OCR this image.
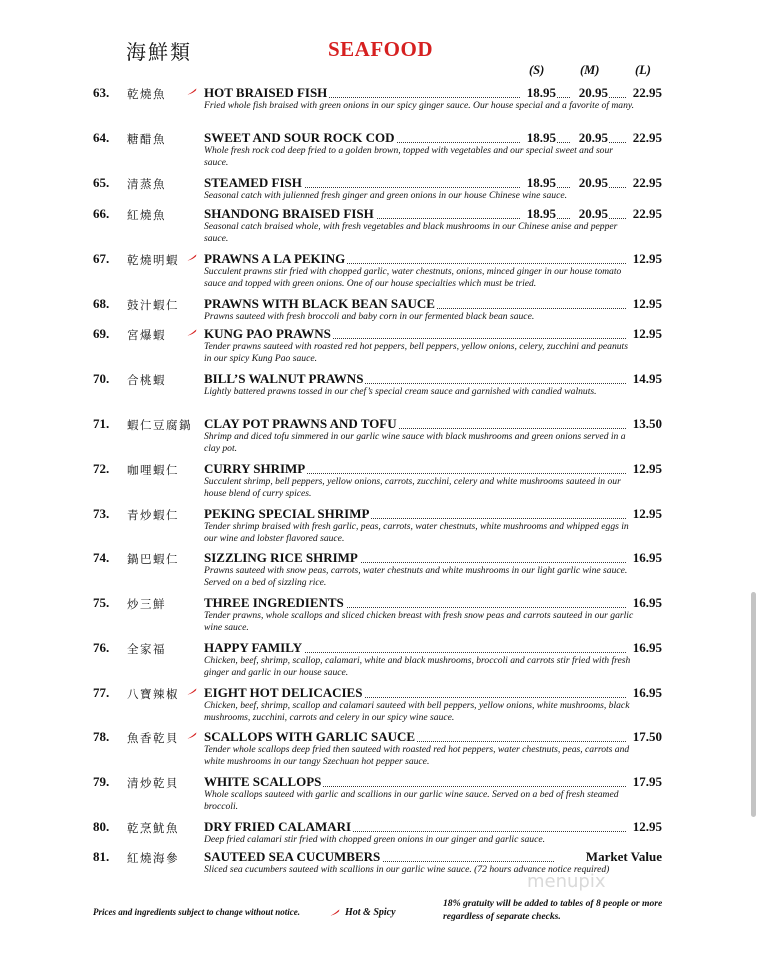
海鮮類	SEAFOOD
(S)	(M)	(L)
63. 乾燒魚	HOT BRAISED FISH	18.95	20.95	22.95
Fried whole fish braised with green onions in our spicy ginger sauce. Our house special and a favorite of many.
64. 糖醋魚	SWEET AND SOUR ROCK COD	18.95	20.95	22.95
Whole fresh rock cod deep fried to a golden brown, topped with vegetables and our special sweet and sour sauce.
65. 清蒸魚	STEAMED FISH	18.95	20.95	22.95
Seasonal catch with julienned fresh ginger and green onions in our house Chinese wine sauce.
66. 紅燒魚	SHANDONG BRAISED FISH	18.95	20.95	22.95
Seasonal catch braised whole, with fresh vegetables and black mushrooms in our Chinese anise and pepper sauce.
67. 乾燒明蝦 PRAWNS A LA PEKING	12.95
Succulent prawns stir fried with chopped garlic, water chestnuts, onions, minced ginger in our house tomato sauce and topped with green onions. One of our house specialties which must be tried.
68. 鼓汁蝦仁 PRAWNS WITH BLACK BEAN SAUCE	12.95
Prawns sauteed with fresh broccoli and baby corn in our fermented black bean sauce.
69. 宮爆蝦	KUNG PAO PRAWNS	12.95
Tender prawns sauteed with roasted red hot peppers, bell peppers, yellow onions, celery, zucchini and peanuts in our spicy Kung Pao sauce.
70. 合桃蝦	BILL’S WALNUT PRAWNS	14.95
Lightly battered prawns tossed in our chef’s special cream sauce and garnished with candied walnuts.
71. 蝦仁豆腐鍋 CLAY POT PRAWNS AND TOFU	13.50
Shrimp and diced tofu simmered in our garlic wine sauce with black mushrooms and green onions served in a clay pot.
72. 咖哩蝦仁 CURRY SHRIMP	12.95
Succulent shrimp, bell peppers, yellow onions, carrots, zucchini, celery and white mushrooms sauteed in our house blend of curry spices.
73. 青炒蝦仁 PEKING SPECIAL SHRIMP	12.95
Tender shrimp braised with fresh garlic, peas, carrots, water chestnuts, white mushrooms and whipped eggs in our wine and lobster flavored sauce.
74. 鍋巴蝦仁 SIZZLING RICE SHRIMP	16.95
Prawns sauteed with snow peas, carrots, water chestnuts and white mushrooms in our light garlic wine sauce. Served on a bed of sizzling rice.
75. 炒三鮮	THREE INGREDIENTS	16.95
Tender prawns, whole scallops and sliced chicken breast with fresh snow peas and carrots sauteed in our garlic wine sauce.
76. 全家福	HAPPY FAMILY	16.95
Chicken, beef, shrimp, scallop, calamari, white and black mushrooms, broccoli and carrots stir fried with fresh ginger and garlic in our house sauce.
77. 八寶辣椒 EIGHT HOT DELICACIES	16.95
Chicken, beef, shrimp, scallop and calamari sauteed with bell peppers, yellow onions, white mushrooms, black mushrooms, zucchini, carrots and celery in our spicy wine sauce.
78. 魚香乾貝 SCALLOPS WITH GARLIC SAUCE	17.50
Tender whole scallops deep fried then sauteed with roasted red hot peppers, water chestnuts, peas, carrots and white mushrooms in our tangy Szechuan hot pepper sauce.
79. 清炒乾貝 WHITE SCALLOPS	17.95
Whole scallops sauteed with garlic and scallions in our garlic wine sauce. Served on a bed of fresh steamed broccoli.
80. 乾烹魷魚 DRY FRIED CALAMARI	12.95
Deep fried calamari stir fried with chopped green onions in our ginger and garlic sauce.
81. 紅燒海參 SAUTEED SEA CUCUMBERS	Market Value
Sliced sea cucumbers sauteed with scallions in our garlic wine sauce. (72 hours advance notice required)
Prices and ingredients subject to change without notice.	Hot & Spicy
18% gratuity will be added to tables of 8 people or more regardless of separate checks.
menupix
